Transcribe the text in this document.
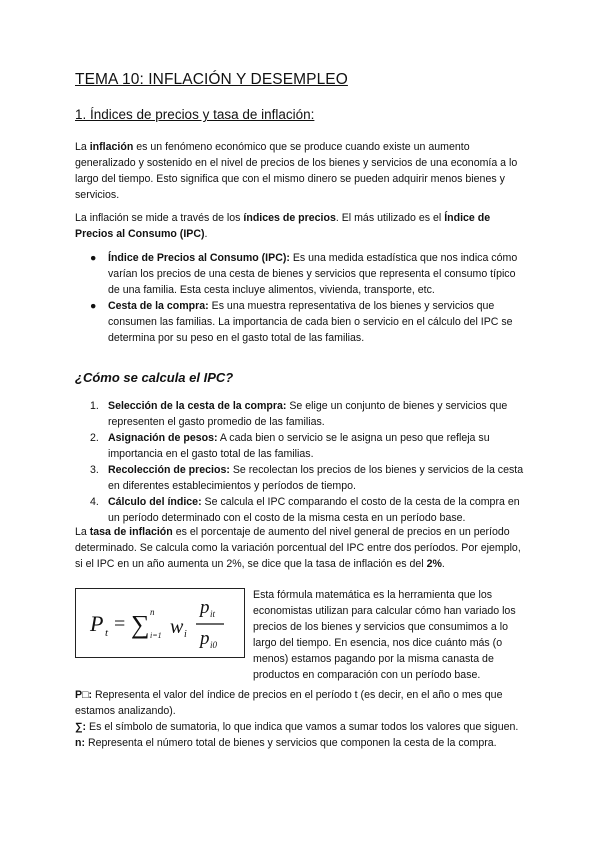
TEMA 10: INFLACIÓN Y DESEMPLEO
1. Índices de precios y tasa de inflación:
La inflación es un fenómeno económico que se produce cuando existe un aumento generalizado y sostenido en el nivel de precios de los bienes y servicios de una economía a lo largo del tiempo. Esto significa que con el mismo dinero se pueden adquirir menos bienes y servicios.
La inflación se mide a través de los índices de precios. El más utilizado es el Índice de Precios al Consumo (IPC).
● Índice de Precios al Consumo (IPC): Es una medida estadística que nos indica cómo varían los precios de una cesta de bienes y servicios que representa el consumo típico de una familia. Esta cesta incluye alimentos, vivienda, transporte, etc.
● Cesta de la compra: Es una muestra representativa de los bienes y servicios que consumen las familias. La importancia de cada bien o servicio en el cálculo del IPC se determina por su peso en el gasto total de las familias.
¿Cómo se calcula el IPC?
1. Selección de la cesta de la compra: Se elige un conjunto de bienes y servicios que representen el gasto promedio de las familias.
2. Asignación de pesos: A cada bien o servicio se le asigna un peso que refleja su importancia en el gasto total de las familias.
3. Recolección de precios: Se recolectan los precios de los bienes y servicios de la cesta en diferentes establecimientos y períodos de tiempo.
4. Cálculo del índice: Se calcula el IPC comparando el costo de la cesta de la compra en un período determinado con el costo de la misma cesta en un período base.
La tasa de inflación es el porcentaje de aumento del nivel general de precios en un período determinado. Se calcula como la variación porcentual del IPC entre dos períodos. Por ejemplo, si el IPC en un año aumenta un 2%, se dice que la tasa de inflación es del 2%.
P t = ∑ n
i=1 w i
p it
p i0
Esta fórmula matemática es la herramienta que los economistas utilizan para calcular cómo han variado los precios de los bienes y servicios que consumimos a lo largo del tiempo. En esencia, nos dice cuánto más (o menos) estamos pagando por la misma canasta de productos en comparación con un período base.
P□: Representa el valor del índice de precios en el período t (es decir, en el año o mes que estamos analizando).
∑: Es el símbolo de sumatoria, lo que indica que vamos a sumar todos los valores que siguen.
n: Representa el número total de bienes y servicios que componen la cesta de la compra.
